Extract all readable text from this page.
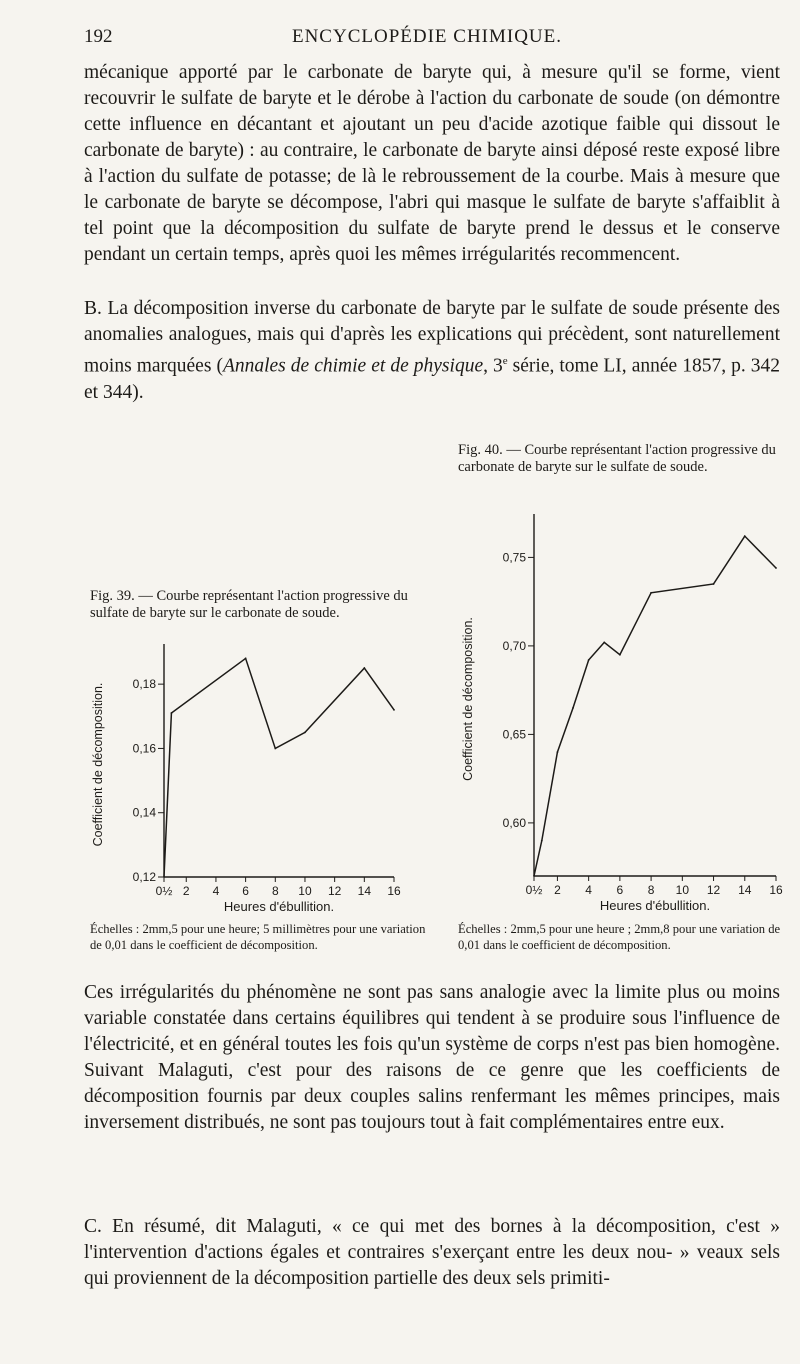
192	ENCYCLOPÉDIE CHIMIQUE.

mécanique apporté par le carbonate de baryte qui, à mesure qu'il se forme, vient recouvrir le sulfate de baryte et le dérobe à l'action du carbonate de soude (on démontre cette influence en décantant et ajoutant un peu d'acide azotique faible qui dissout le carbonate de baryte) : au contraire, le carbonate de baryte ainsi déposé reste exposé libre à l'action du sulfate de potasse; de là le rebroussement de la courbe. Mais à mesure que le carbonate de baryte se décompose, l'abri qui masque le sulfate de baryte s'affaiblit à tel point que la décomposition du sulfate de baryte prend le dessus et le conserve pendant un certain temps, après quoi les mêmes irrégularités recommencent.

B. La décomposition inverse du carbonate de baryte par le sulfate de soude présente des anomalies analogues, mais qui d'après les explications qui précèdent, sont naturellement moins marquées (Annales de chimie et de physique, 3e série, tome LI, année 1857, p. 342 et 344).

Fig. 40. — Courbe représentant l'action progressive du carbonate de baryte sur le sulfate de soude.

Fig. 39. — Courbe représentant l'action progressive du sulfate de baryte sur le carbonate de soude.

0½ 2 4 6 8 10 12 14 16
0,12
0,14
0,16
0,18
Coefficient de décomposition.
Heures d'ébullition.
0½ 2 4 6 8 10 12 14 16
0,60
0,65
0,70
0,75
Coefficient de décomposition.
Heures d'ébullition.

Échelles : 2mm,5 pour une heure; 5 millimètres pour une variation de 0,01 dans le coefficient de décomposition.

Échelles : 2mm,5 pour une heure ; 2mm,8 pour une variation de 0,01 dans le coefficient de décomposition.

Ces irrégularités du phénomène ne sont pas sans analogie avec la limite plus ou moins variable constatée dans certains équilibres qui tendent à se produire sous l'influence de l'électricité, et en général toutes les fois qu'un système de corps n'est pas bien homogène. Suivant Malaguti, c'est pour des raisons de ce genre que les coefficients de décomposition fournis par deux couples salins renfermant les mêmes principes, mais inversement distribués, ne sont pas toujours tout à fait complémentaires entre eux.

C. En résumé, dit Malaguti, « ce qui met des bornes à la décomposition, c'est » l'intervention d'actions égales et contraires s'exerçant entre les deux nou- » veaux sels qui proviennent de la décomposition partielle des deux sels primiti-
